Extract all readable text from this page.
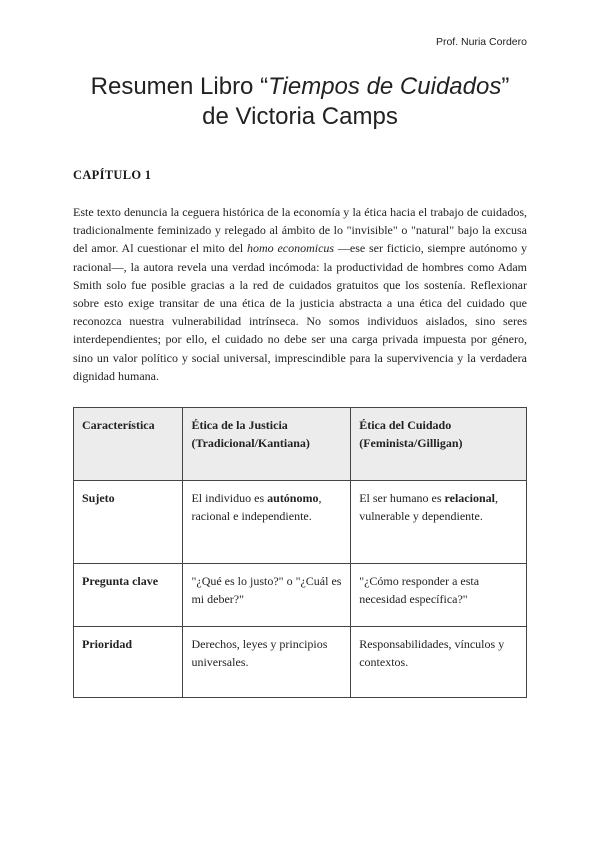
Prof. Nuria Cordero
Resumen Libro “Tiempos de Cuidados” de Victoria Camps
CAPÍTULO 1

Este texto denuncia la ceguera histórica de la economía y la ética hacia el trabajo de cuidados, tradicionalmente feminizado y relegado al ámbito de lo "invisible" o "natural" bajo la excusa del amor. Al cuestionar el mito del homo economicus —ese ser ficticio, siempre autónomo y racional—, la autora revela una verdad incómoda: la productividad de hombres como Adam Smith solo fue posible gracias a la red de cuidados gratuitos que los sostenía. Reflexionar sobre esto exige transitar de una ética de la justicia abstracta a una ética del cuidado que reconozca nuestra vulnerabilidad intrínseca. No somos individuos aislados, sino seres interdependientes; por ello, el cuidado no debe ser una carga privada impuesta por género, sino un valor político y social universal, imprescindible para la supervivencia y la verdadera dignidad humana.

Característica	Ética de la Justicia (Tradicional/Kantiana)	Ética del Cuidado (Feminista/Gilligan)
Sujeto	El individuo es autónomo, racional e independiente.	El ser humano es relacional, vulnerable y dependiente.
Pregunta clave	"¿Qué es lo justo?" o "¿Cuál es mi deber?"	"¿Cómo responder a esta necesidad específica?"
Prioridad	Derechos, leyes y principios universales.	Responsabilidades, vínculos y contextos.
